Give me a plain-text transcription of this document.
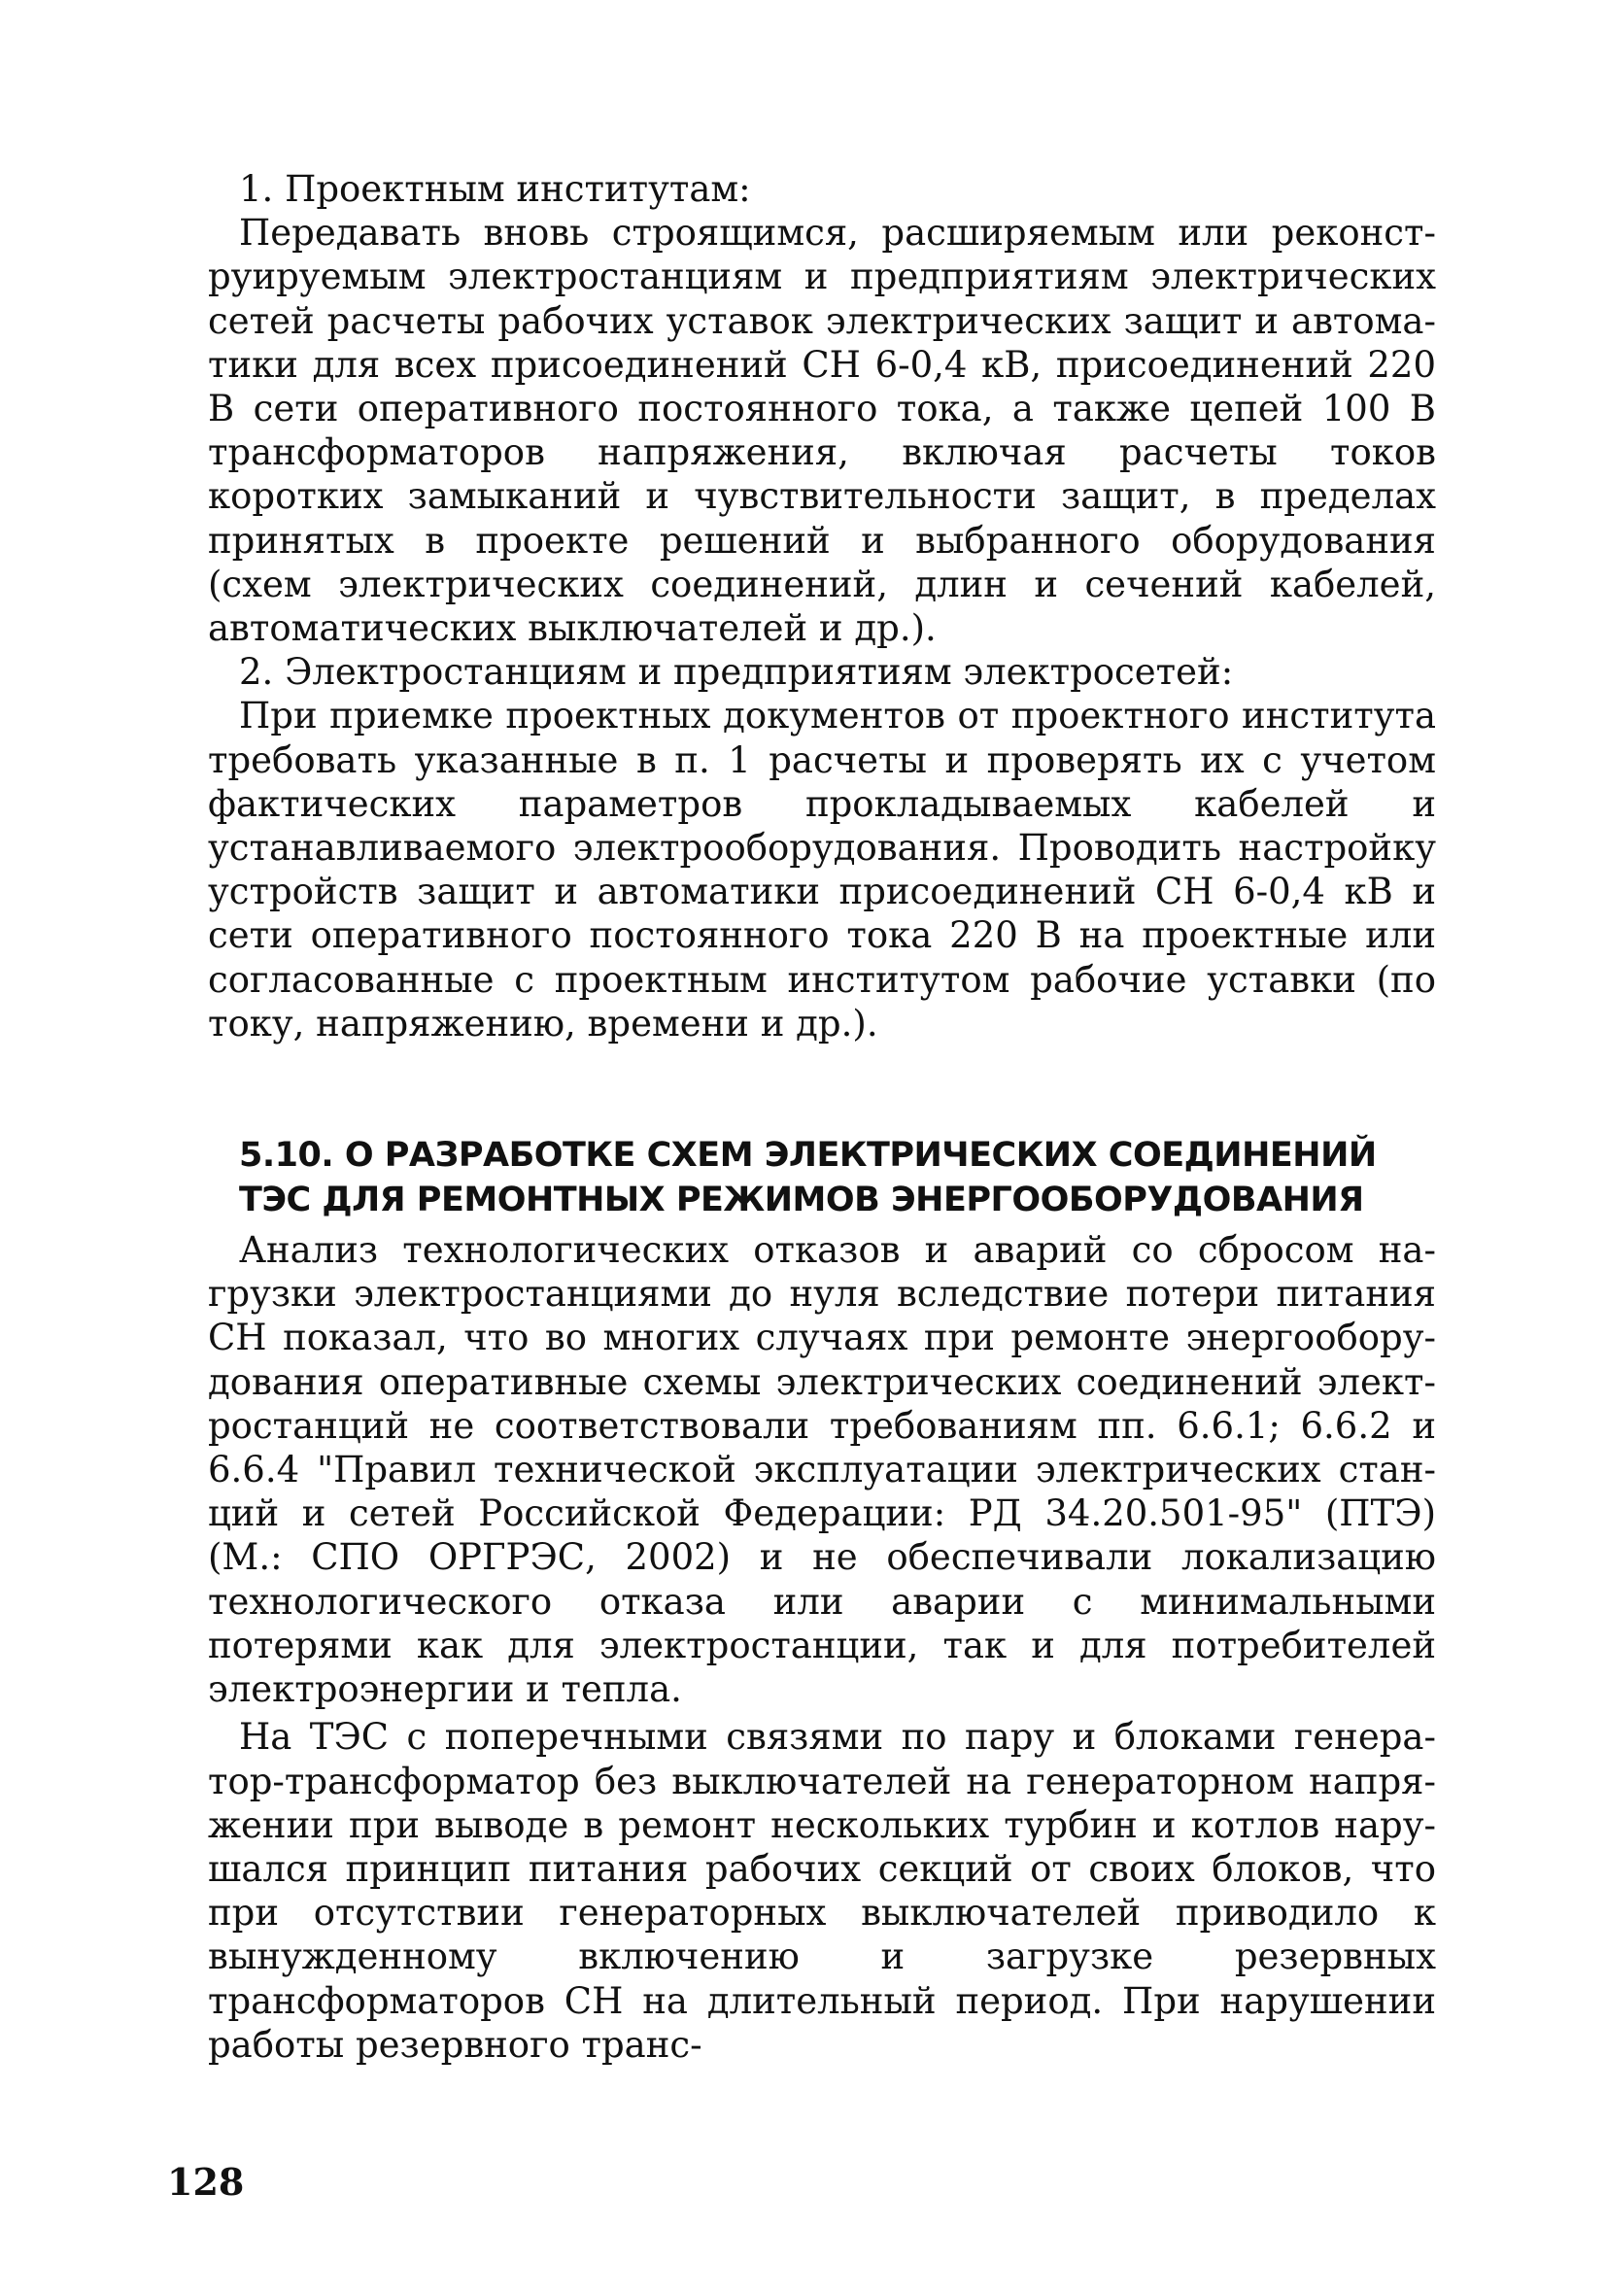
1. Проектным институтам:

Передавать вновь строящимся, расширяемым или реконструируемым электростанциям и предприятиям электрических сетей расчеты рабочих уставок электрических защит и автоматики для всех присоединений СН 6-0,4 кВ, присоединений 220 В сети оперативного постоянного тока, а также цепей 100 В трансформаторов напряжения, включая расчеты токов коротких замыканий и чувствительности защит, в пределах принятых в проекте решений и выбранного оборудования (схем электрических соединений, длин и сечений кабелей, автоматических выключателей и др.).

2. Электростанциям и предприятиям электросетей:

При приемке проектных документов от проектного института требовать указанные в п. 1 расчеты и проверять их с учетом фактических параметров прокладываемых кабелей и устанавливаемого электрооборудования. Проводить настройку устройств защит и автоматики присоединений СН 6-0,4 кВ и сети оперативного постоянного тока 220 В на проектные или согласованные с проектным институтом рабочие уставки (по току, напряжению, времени и др.).

5.10. О РАЗРАБОТКЕ СХЕМ ЭЛЕКТРИЧЕСКИХ СОЕДИНЕНИЙ

ТЭС ДЛЯ РЕМОНТНЫХ РЕЖИМОВ ЭНЕРГООБОРУДОВАНИЯ

Анализ технологических отказов и аварий со сбросом нагрузки электростанциями до нуля вследствие потери питания СН показал, что во многих случаях при ремонте энергооборудования оперативные схемы электрических соединений электростанций не соответствовали требованиям пп. 6.6.1; 6.6.2 и 6.6.4 "Правил технической эксплуатации электрических станций и сетей Российской Федерации: РД 34.20.501-95" (ПТЭ) (М.: СПО ОРГРЭС, 2002) и не обеспечивали локализацию технологического отказа или аварии с минимальными потерями как для электростанции, так и для потребителей электроэнергии и тепла.

На ТЭС с поперечными связями по пару и блоками генератор-трансформатор без выключателей на генераторном напряжении при выводе в ремонт нескольких турбин и котлов нарушался принцип питания рабочих секций от своих блоков, что при отсутствии генераторных выключателей приводило к вынужденному включению и загрузке резервных трансформаторов СН на длительный период. При нарушении работы резервного транс-

128
